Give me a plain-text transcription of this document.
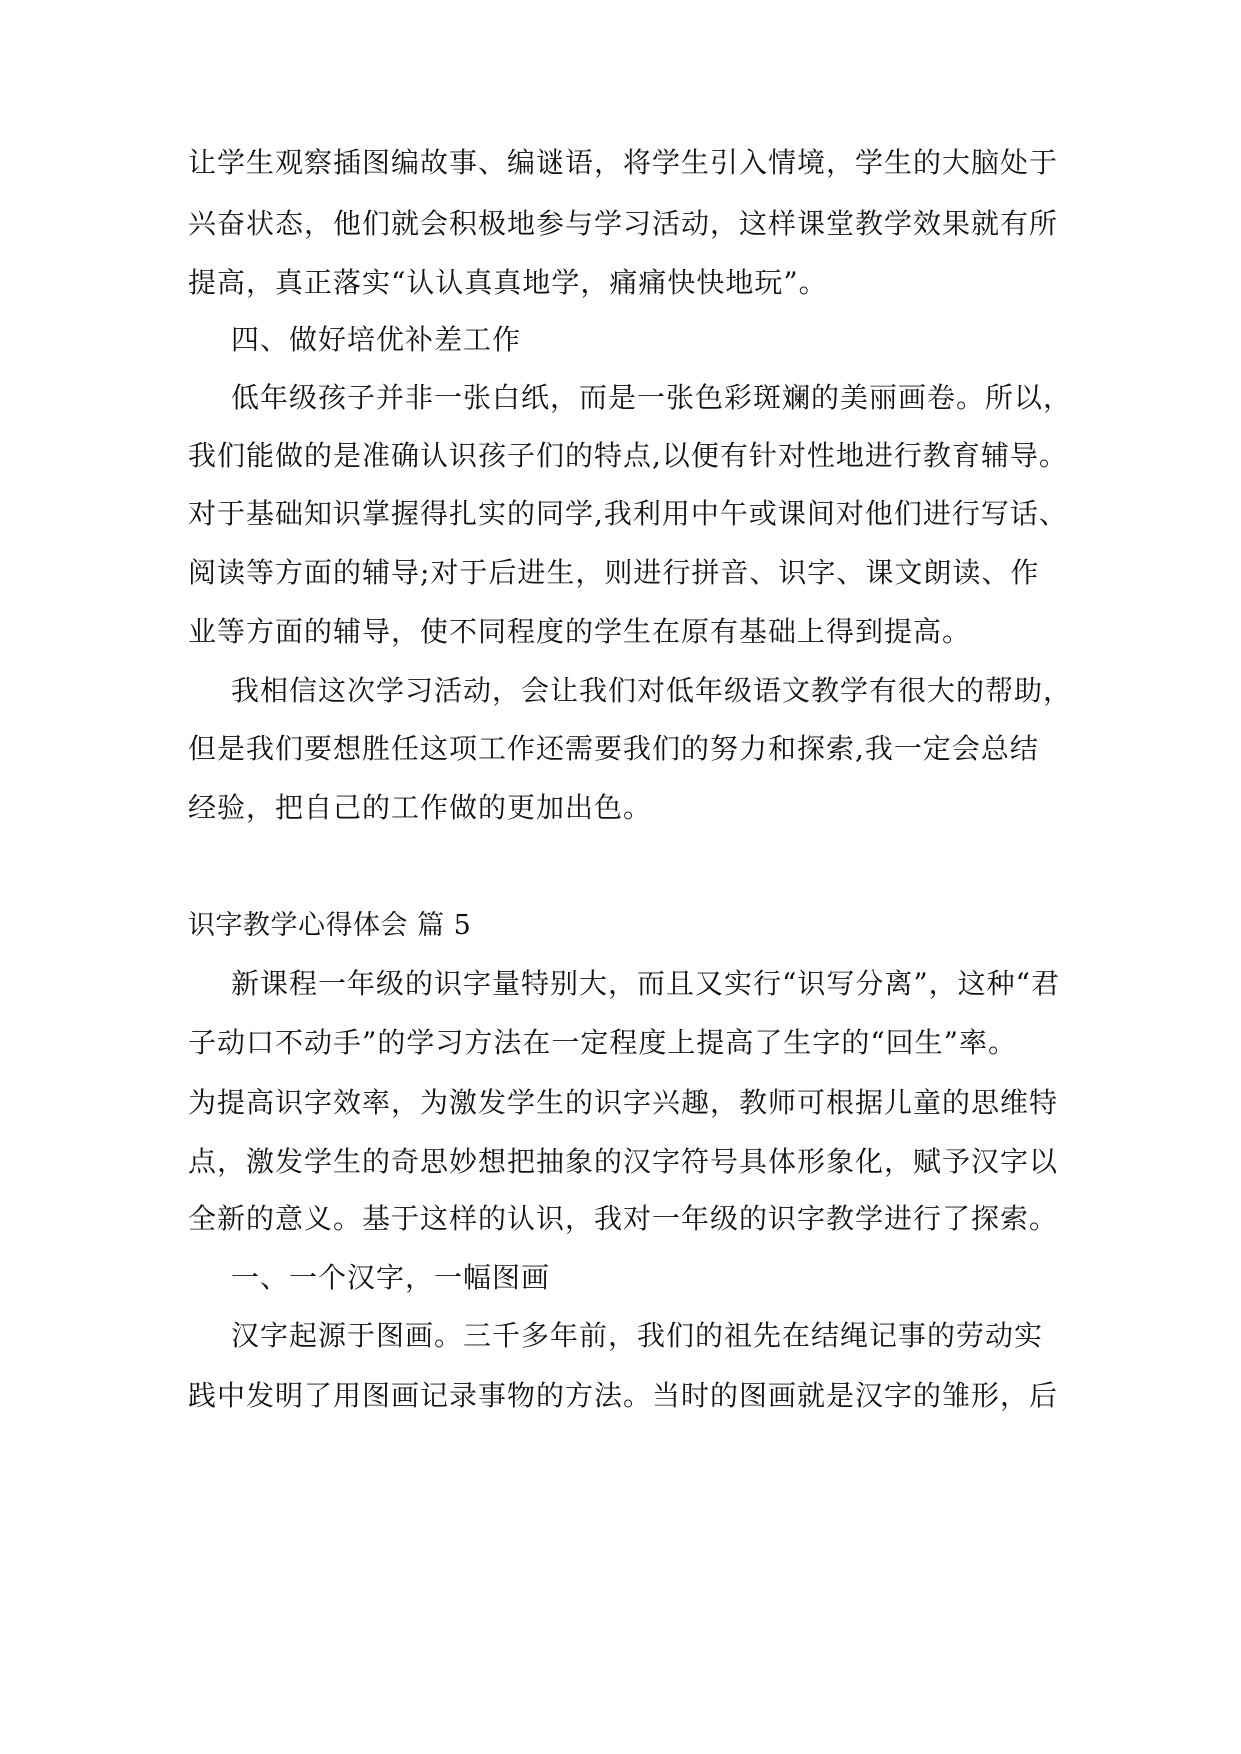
让学生观察插图编故事、编谜语，将学生引入情境，学生的大脑处于
兴奋状态，他们就会积极地参与学习活动，这样课堂教学效果就有所
提高，真正落实“认认真真地学，痛痛快快地玩”。
四、做好培优补差工作
低年级孩子并非一张白纸，而是一张色彩斑斓的美丽画卷。所以，
我们能做的是准确认识孩子们的特点,以便有针对性地进行教育辅导。
对于基础知识掌握得扎实的同学,我利用中午或课间对他们进行写话、
阅读等方面的辅导;对于后进生，则进行拼音、识字、课文朗读、作
业等方面的辅导，使不同程度的学生在原有基础上得到提高。
我相信这次学习活动，会让我们对低年级语文教学有很大的帮助，
但是我们要想胜任这项工作还需要我们的努力和探索,我一定会总结
经验，把自己的工作做的更加出色。
识字教学心得体会 篇 5
新课程一年级的识字量特别大，而且又实行“识写分离”，这种“君
子动口不动手”的学习方法在一定程度上提高了生字的“回生”率。
为提高识字效率，为激发学生的识字兴趣，教师可根据儿童的思维特
点，激发学生的奇思妙想把抽象的汉字符号具体形象化，赋予汉字以
全新的意义。基于这样的认识，我对一年级的识字教学进行了探索。
一、一个汉字，一幅图画
汉字起源于图画。三千多年前，我们的祖先在结绳记事的劳动实
践中发明了用图画记录事物的方法。当时的图画就是汉字的雏形，后
